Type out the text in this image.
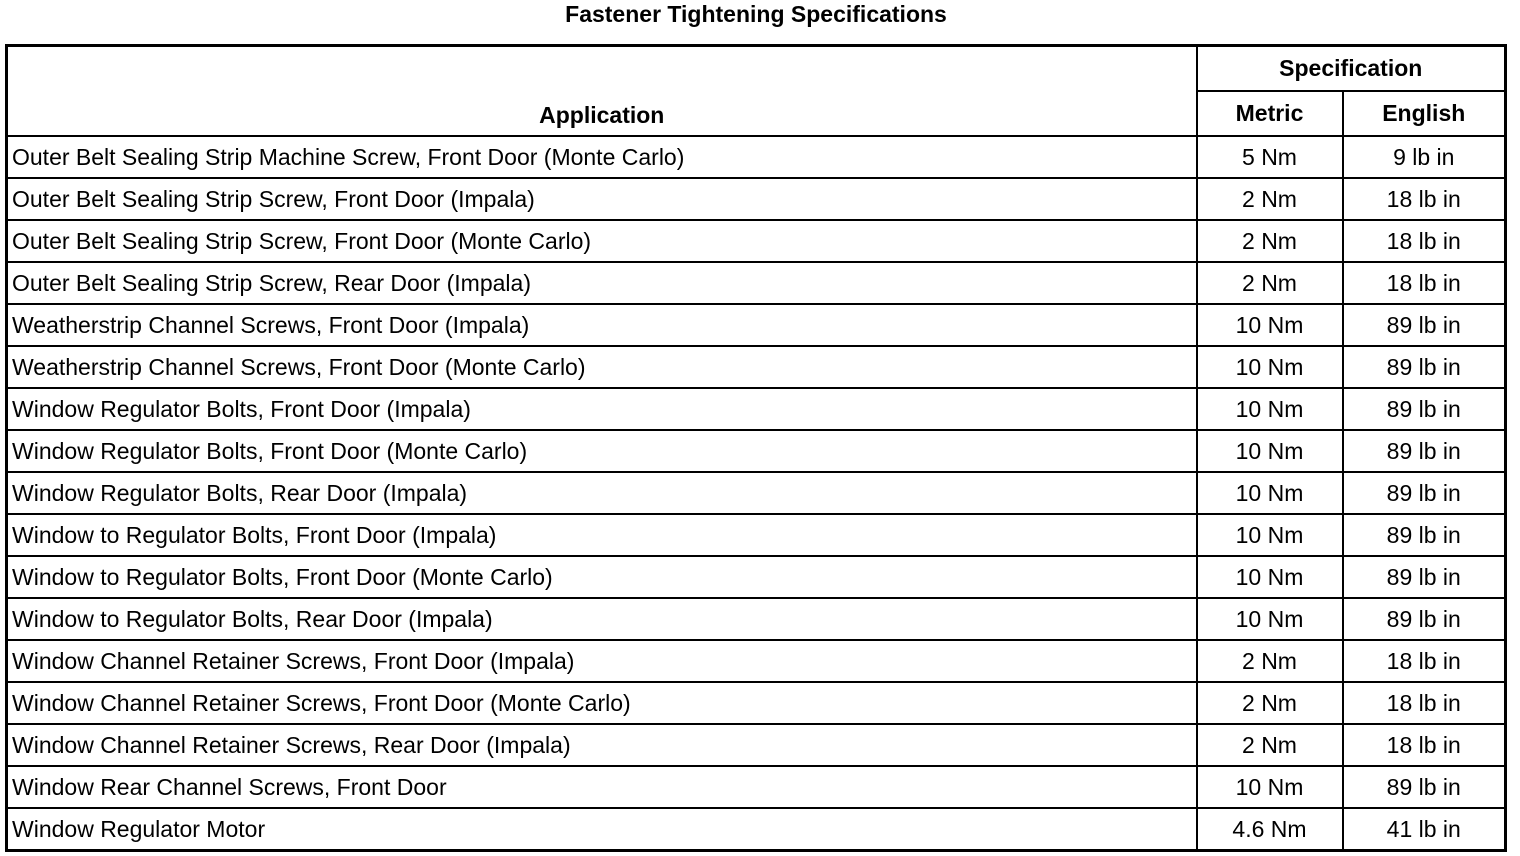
Fastener Tightening Specifications
Application	Specification	
	Metric	English
Outer Belt Sealing Strip Machine Screw, Front Door (Monte Carlo)	5 Nm	9 lb in
Outer Belt Sealing Strip Screw, Front Door (Impala)	2 Nm	18 lb in
Outer Belt Sealing Strip Screw, Front Door (Monte Carlo)	2 Nm	18 lb in
Outer Belt Sealing Strip Screw, Rear Door (Impala)	2 Nm	18 lb in
Weatherstrip Channel Screws, Front Door (Impala)	10 Nm	89 lb in
Weatherstrip Channel Screws, Front Door (Monte Carlo)	10 Nm	89 lb in
Window Regulator Bolts, Front Door (Impala)	10 Nm	89 lb in
Window Regulator Bolts, Front Door (Monte Carlo)	10 Nm	89 lb in
Window Regulator Bolts, Rear Door (Impala)	10 Nm	89 lb in
Window to Regulator Bolts, Front Door (Impala)	10 Nm	89 lb in
Window to Regulator Bolts, Front Door (Monte Carlo)	10 Nm	89 lb in
Window to Regulator Bolts, Rear Door (Impala)	10 Nm	89 lb in
Window Channel Retainer Screws, Front Door (Impala)	2 Nm	18 lb in
Window Channel Retainer Screws, Front Door (Monte Carlo)	2 Nm	18 lb in
Window Channel Retainer Screws, Rear Door (Impala)	2 Nm	18 lb in
Window Rear Channel Screws, Front Door	10 Nm	89 lb in
Window Regulator Motor	4.6 Nm	41 lb in
